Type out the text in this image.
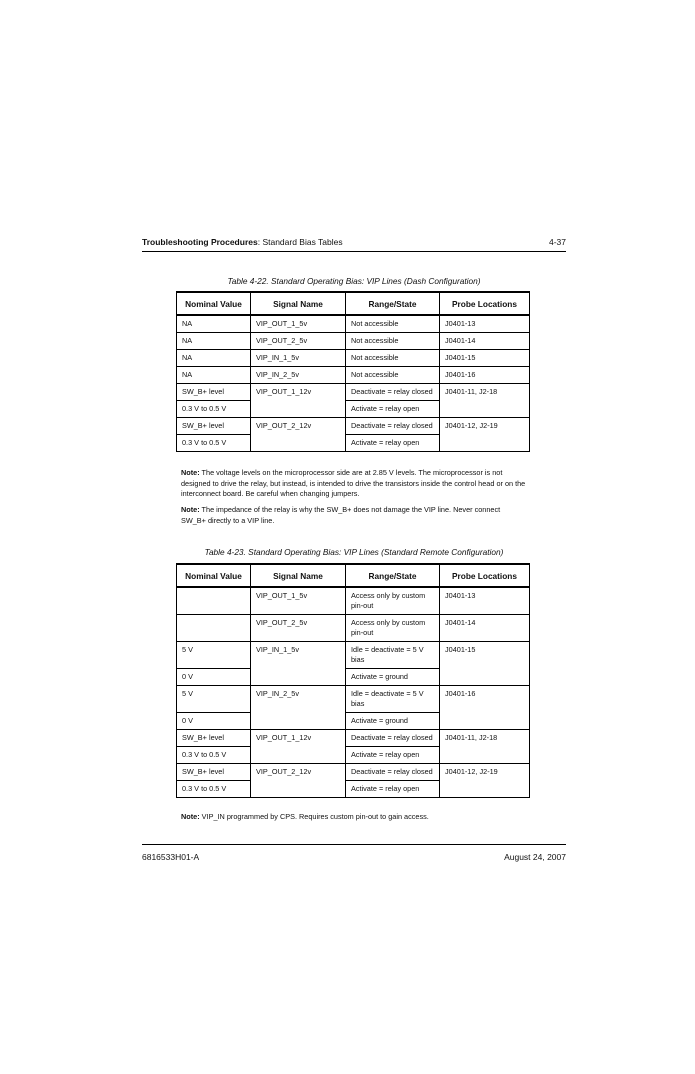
Troubleshooting Procedures: Standard Bias Tables	4-37
Table 4-22. Standard Operating Bias: VIP Lines (Dash Configuration)
Nominal Value	Signal Name	Range/State	Probe Locations
NA	VIP_OUT_1_5v	Not accessible	J0401-13
NA	VIP_OUT_2_5v	Not accessible	J0401-14
NA	VIP_IN_1_5v	Not accessible	J0401-15
NA	VIP_IN_2_5v	Not accessible	J0401-16
SW_B+ level	VIP_OUT_1_12v	Deactivate = relay closed	J0401-11, J2-18
0.3 V to 0.5 V		Activate = relay open	
SW_B+ level	VIP_OUT_2_12v	Deactivate = relay closed	J0401-12, J2-19
0.3 V to 0.5 V		Activate = relay open	
Note: The voltage levels on the microprocessor side are at 2.85 V levels. The microprocessor is not designed to drive the relay, but instead, is intended to drive the transistors inside the control head or on the interconnect board. Be careful when changing jumpers.
Note: The impedance of the relay is why the SW_B+ does not damage the VIP line. Never connect SW_B+ directly to a VIP line.
Table 4-23. Standard Operating Bias: VIP Lines (Standard Remote Configuration)
Nominal Value	Signal Name	Range/State	Probe Locations
	VIP_OUT_1_5v	Access only by custom pin-out	J0401-13
	VIP_OUT_2_5v	Access only by custom pin-out	J0401-14
5 V	VIP_IN_1_5v	Idle = deactivate = 5 V bias	J0401-15
0 V		Activate = ground	
5 V	VIP_IN_2_5v	Idle = deactivate = 5 V bias	J0401-16
0 V		Activate = ground	
SW_B+ level	VIP_OUT_1_12v	Deactivate = relay closed	J0401-11, J2-18
0.3 V to 0.5 V		Activate = relay open	
SW_B+ level	VIP_OUT_2_12v	Deactivate = relay closed	J0401-12, J2-19
0.3 V to 0.5 V		Activate = relay open	
Note: VIP_IN programmed by CPS. Requires custom pin-out to gain access.
6816533H01-A	August 24, 2007
